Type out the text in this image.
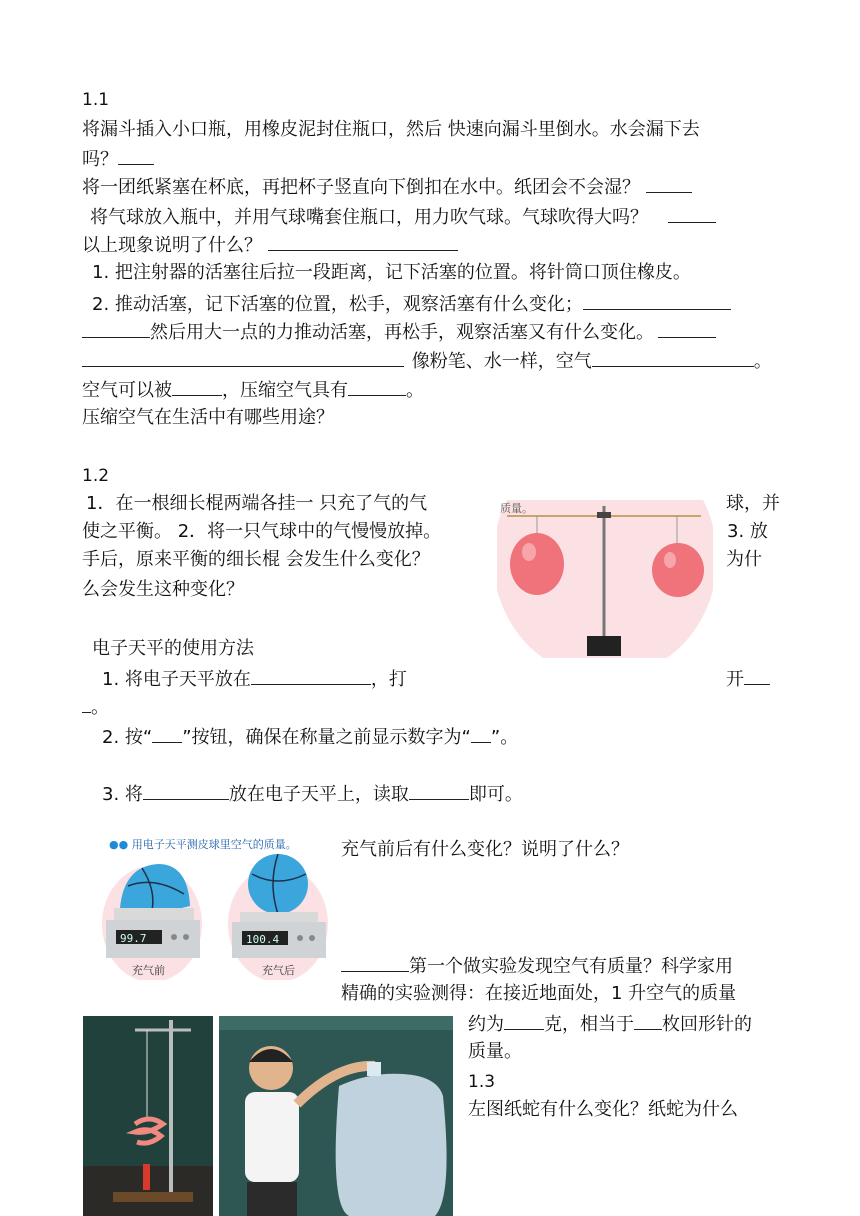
1.1
将漏斗插入小口瓶，用橡皮泥封住瓶口，然后 快速向漏斗里倒水。水会漏下去
吗？
将一团纸紧塞在杯底，再把杯子竖直向下倒扣在水中。纸团会不会湿？
将气球放入瓶中，并用气球嘴套住瓶口，用力吹气球。气球吹得大吗？
以上现象说明了什么？
1. 把注射器的活塞往后拉一段距离，记下活塞的位置。将针筒口顶住橡皮。
2. 推动活塞，记下活塞的位置，松手，观察活塞有什么变化；
然后用大一点的力推动活塞，再松手，观察活塞又有什么变化。
像粉笔、水一样，空气	。
空气可以被	，压缩空气具有	。
压缩空气在生活中有哪些用途？
1.2
1．在一根细长棍两端各挂一 只充了气的气	球，并
使之平衡。 2．将一只气球中的气慢慢放掉。	3. 放
手后，原来平衡的细长棍 会发生什么变化？	为什
么会发生这种变化？
质量。
电子天平的使用方法
1. 将电子天平放在	，打	开
。
2. 按“ ”按钮，确保在称量之前显示数字为“ ”。
3. 将	放在电子天平上，读取	即可。
●● 用电子天平测皮球里空气的质量。
99.7	100.4
充气前	充气后
充气前后有什么变化？说明了什么？
第一个做实验发现空气有质量？科学家用
精确的实验测得：在接近地面处，1 升空气的质量
约为 克，相当于 枚回形针的
质量。
1.3
左图纸蛇有什么变化？纸蛇为什么
